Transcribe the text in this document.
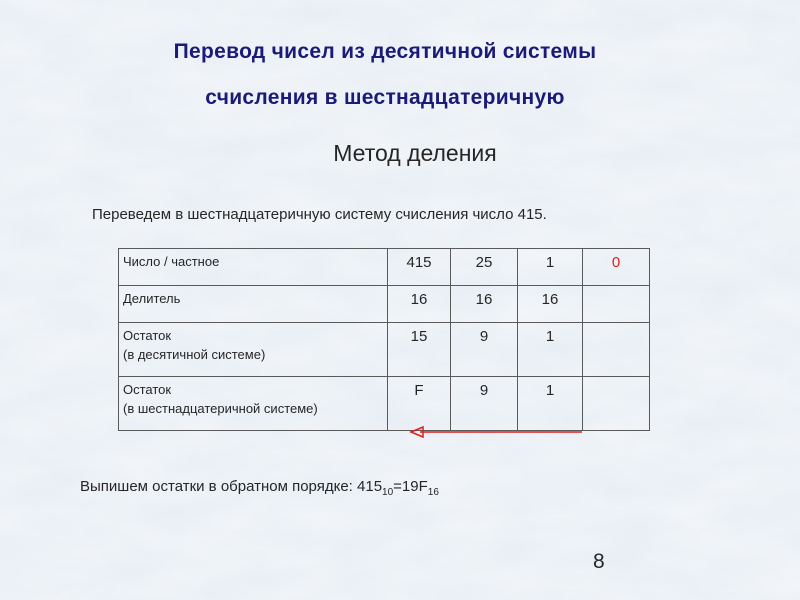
Перевод чисел из десятичной системы
счисления в шестнадцатеричную
Метод деления
Переведем в шестнадцатеричную систему счисления число 415.
Число / частное	415	25	1	0
Делитель	16	16	16	
Остаток
(в десятичной системе)	15	9	1	
Остаток
(в шестнадцатеричной системе)	F	9	1	
Выпишем остатки в обратном порядке: $415_{10}=19F_{16}$
8
